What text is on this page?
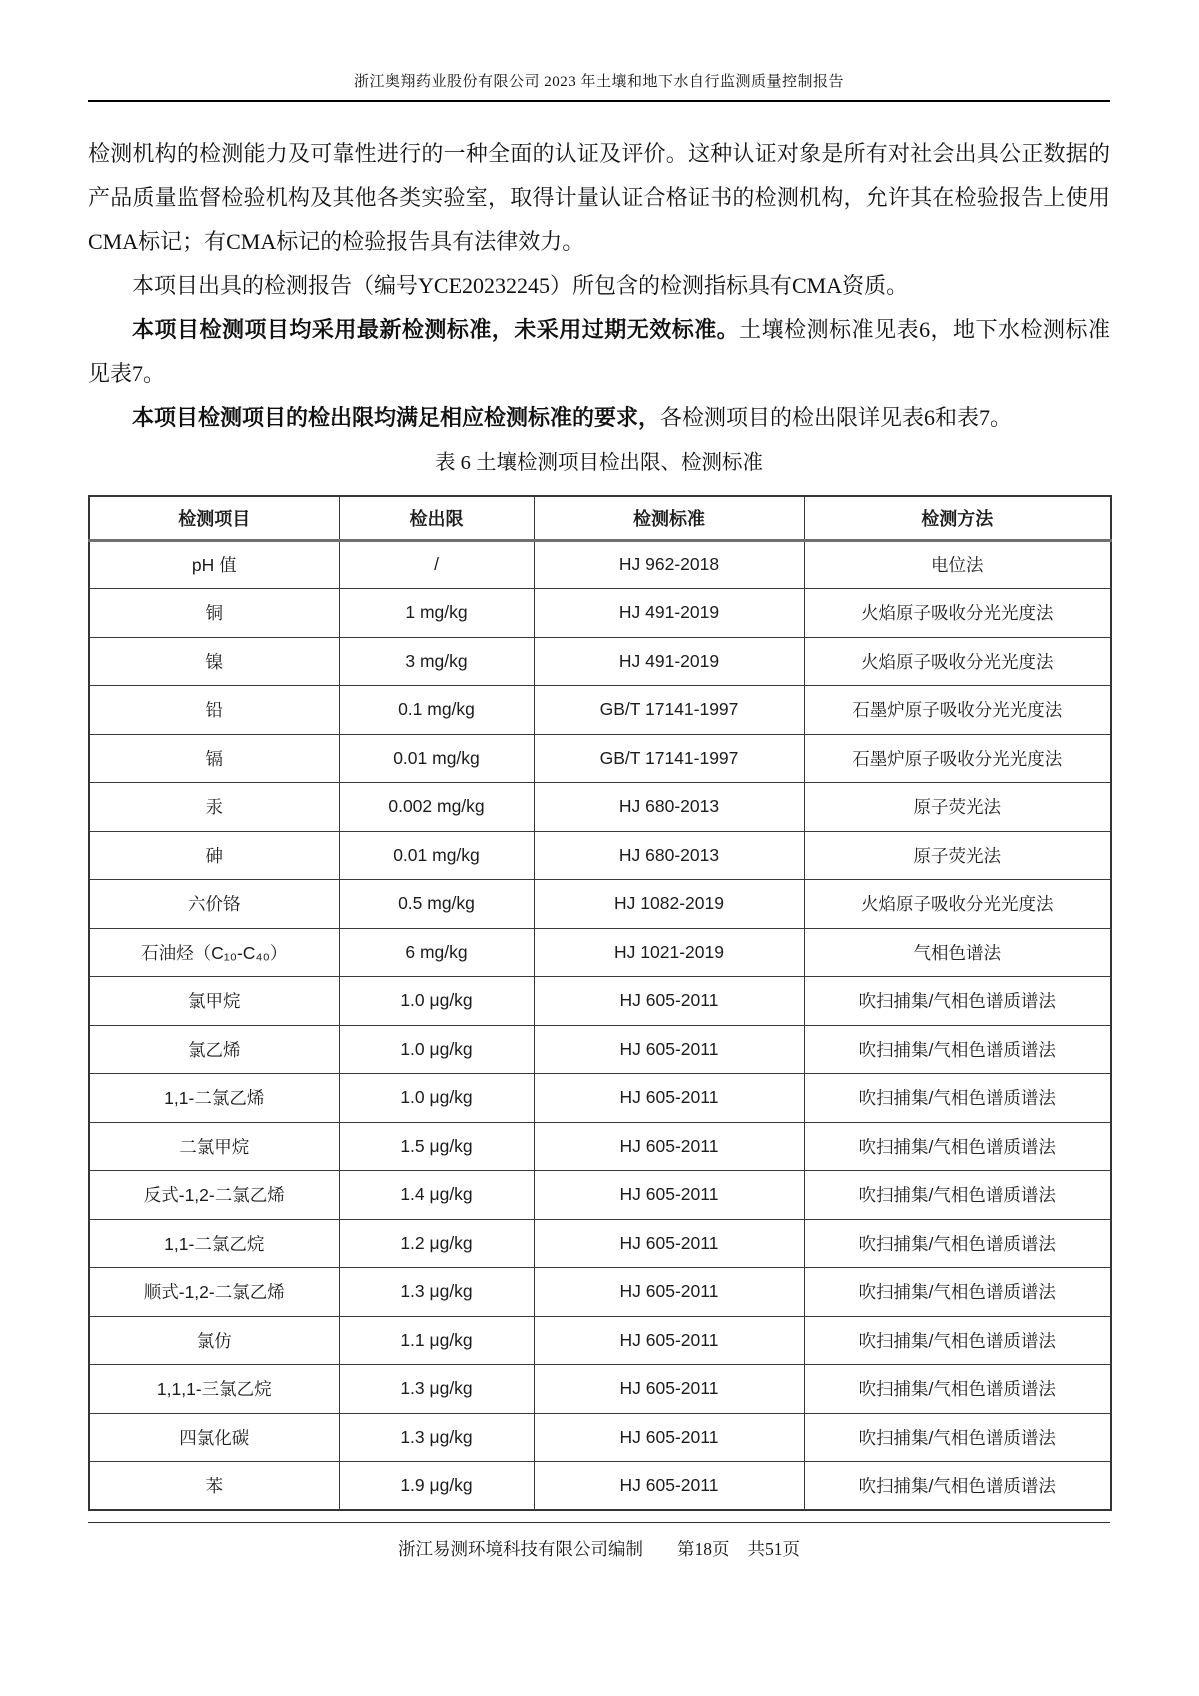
浙江奥翔药业股份有限公司 2023 年土壤和地下水自行监测质量控制报告

检测机构的检测能力及可靠性进行的一种全面的认证及评价。这种认证对象是所有对社会出具公正数据的产品质量监督检验机构及其他各类实验室，取得计量认证合格证书的检测机构，允许其在检验报告上使用CMA标记；有CMA标记的检验报告具有法律效力。

本项目出具的检测报告（编号YCE20232245）所包含的检测指标具有CMA资质。

本项目检测项目均采用最新检测标准，未采用过期无效标准。土壤检测标准见表6，地下水检测标准见表7。

本项目检测项目的检出限均满足相应检测标准的要求，各检测项目的检出限详见表6和表7。

表 6 土壤检测项目检出限、检测标准
检测项目	检出限	检测标准	检测方法
pH 值	/	HJ 962-2018	电位法
铜	1 mg/kg	HJ 491-2019	火焰原子吸收分光光度法
镍	3 mg/kg	HJ 491-2019	火焰原子吸收分光光度法
铅	0.1 mg/kg	GB/T 17141-1997	石墨炉原子吸收分光光度法
镉	0.01 mg/kg	GB/T 17141-1997	石墨炉原子吸收分光光度法
汞	0.002 mg/kg	HJ 680-2013	原子荧光法
砷	0.01 mg/kg	HJ 680-2013	原子荧光法
六价铬	0.5 mg/kg	HJ 1082-2019	火焰原子吸收分光光度法
石油烃（C₁₀-C₄₀）	6 mg/kg	HJ 1021-2019	气相色谱法
氯甲烷	1.0 μg/kg	HJ 605-2011	吹扫捕集/气相色谱质谱法
氯乙烯	1.0 μg/kg	HJ 605-2011	吹扫捕集/气相色谱质谱法
1,1-二氯乙烯	1.0 μg/kg	HJ 605-2011	吹扫捕集/气相色谱质谱法
二氯甲烷	1.5 μg/kg	HJ 605-2011	吹扫捕集/气相色谱质谱法
反式-1,2-二氯乙烯	1.4 μg/kg	HJ 605-2011	吹扫捕集/气相色谱质谱法
1,1-二氯乙烷	1.2 μg/kg	HJ 605-2011	吹扫捕集/气相色谱质谱法
顺式-1,2-二氯乙烯	1.3 μg/kg	HJ 605-2011	吹扫捕集/气相色谱质谱法
氯仿	1.1 μg/kg	HJ 605-2011	吹扫捕集/气相色谱质谱法
1,1,1-三氯乙烷	1.3 μg/kg	HJ 605-2011	吹扫捕集/气相色谱质谱法
四氯化碳	1.3 μg/kg	HJ 605-2011	吹扫捕集/气相色谱质谱法
苯	1.9 μg/kg	HJ 605-2011	吹扫捕集/气相色谱质谱法
浙江易测环境科技有限公司编制 第18页 共51页
